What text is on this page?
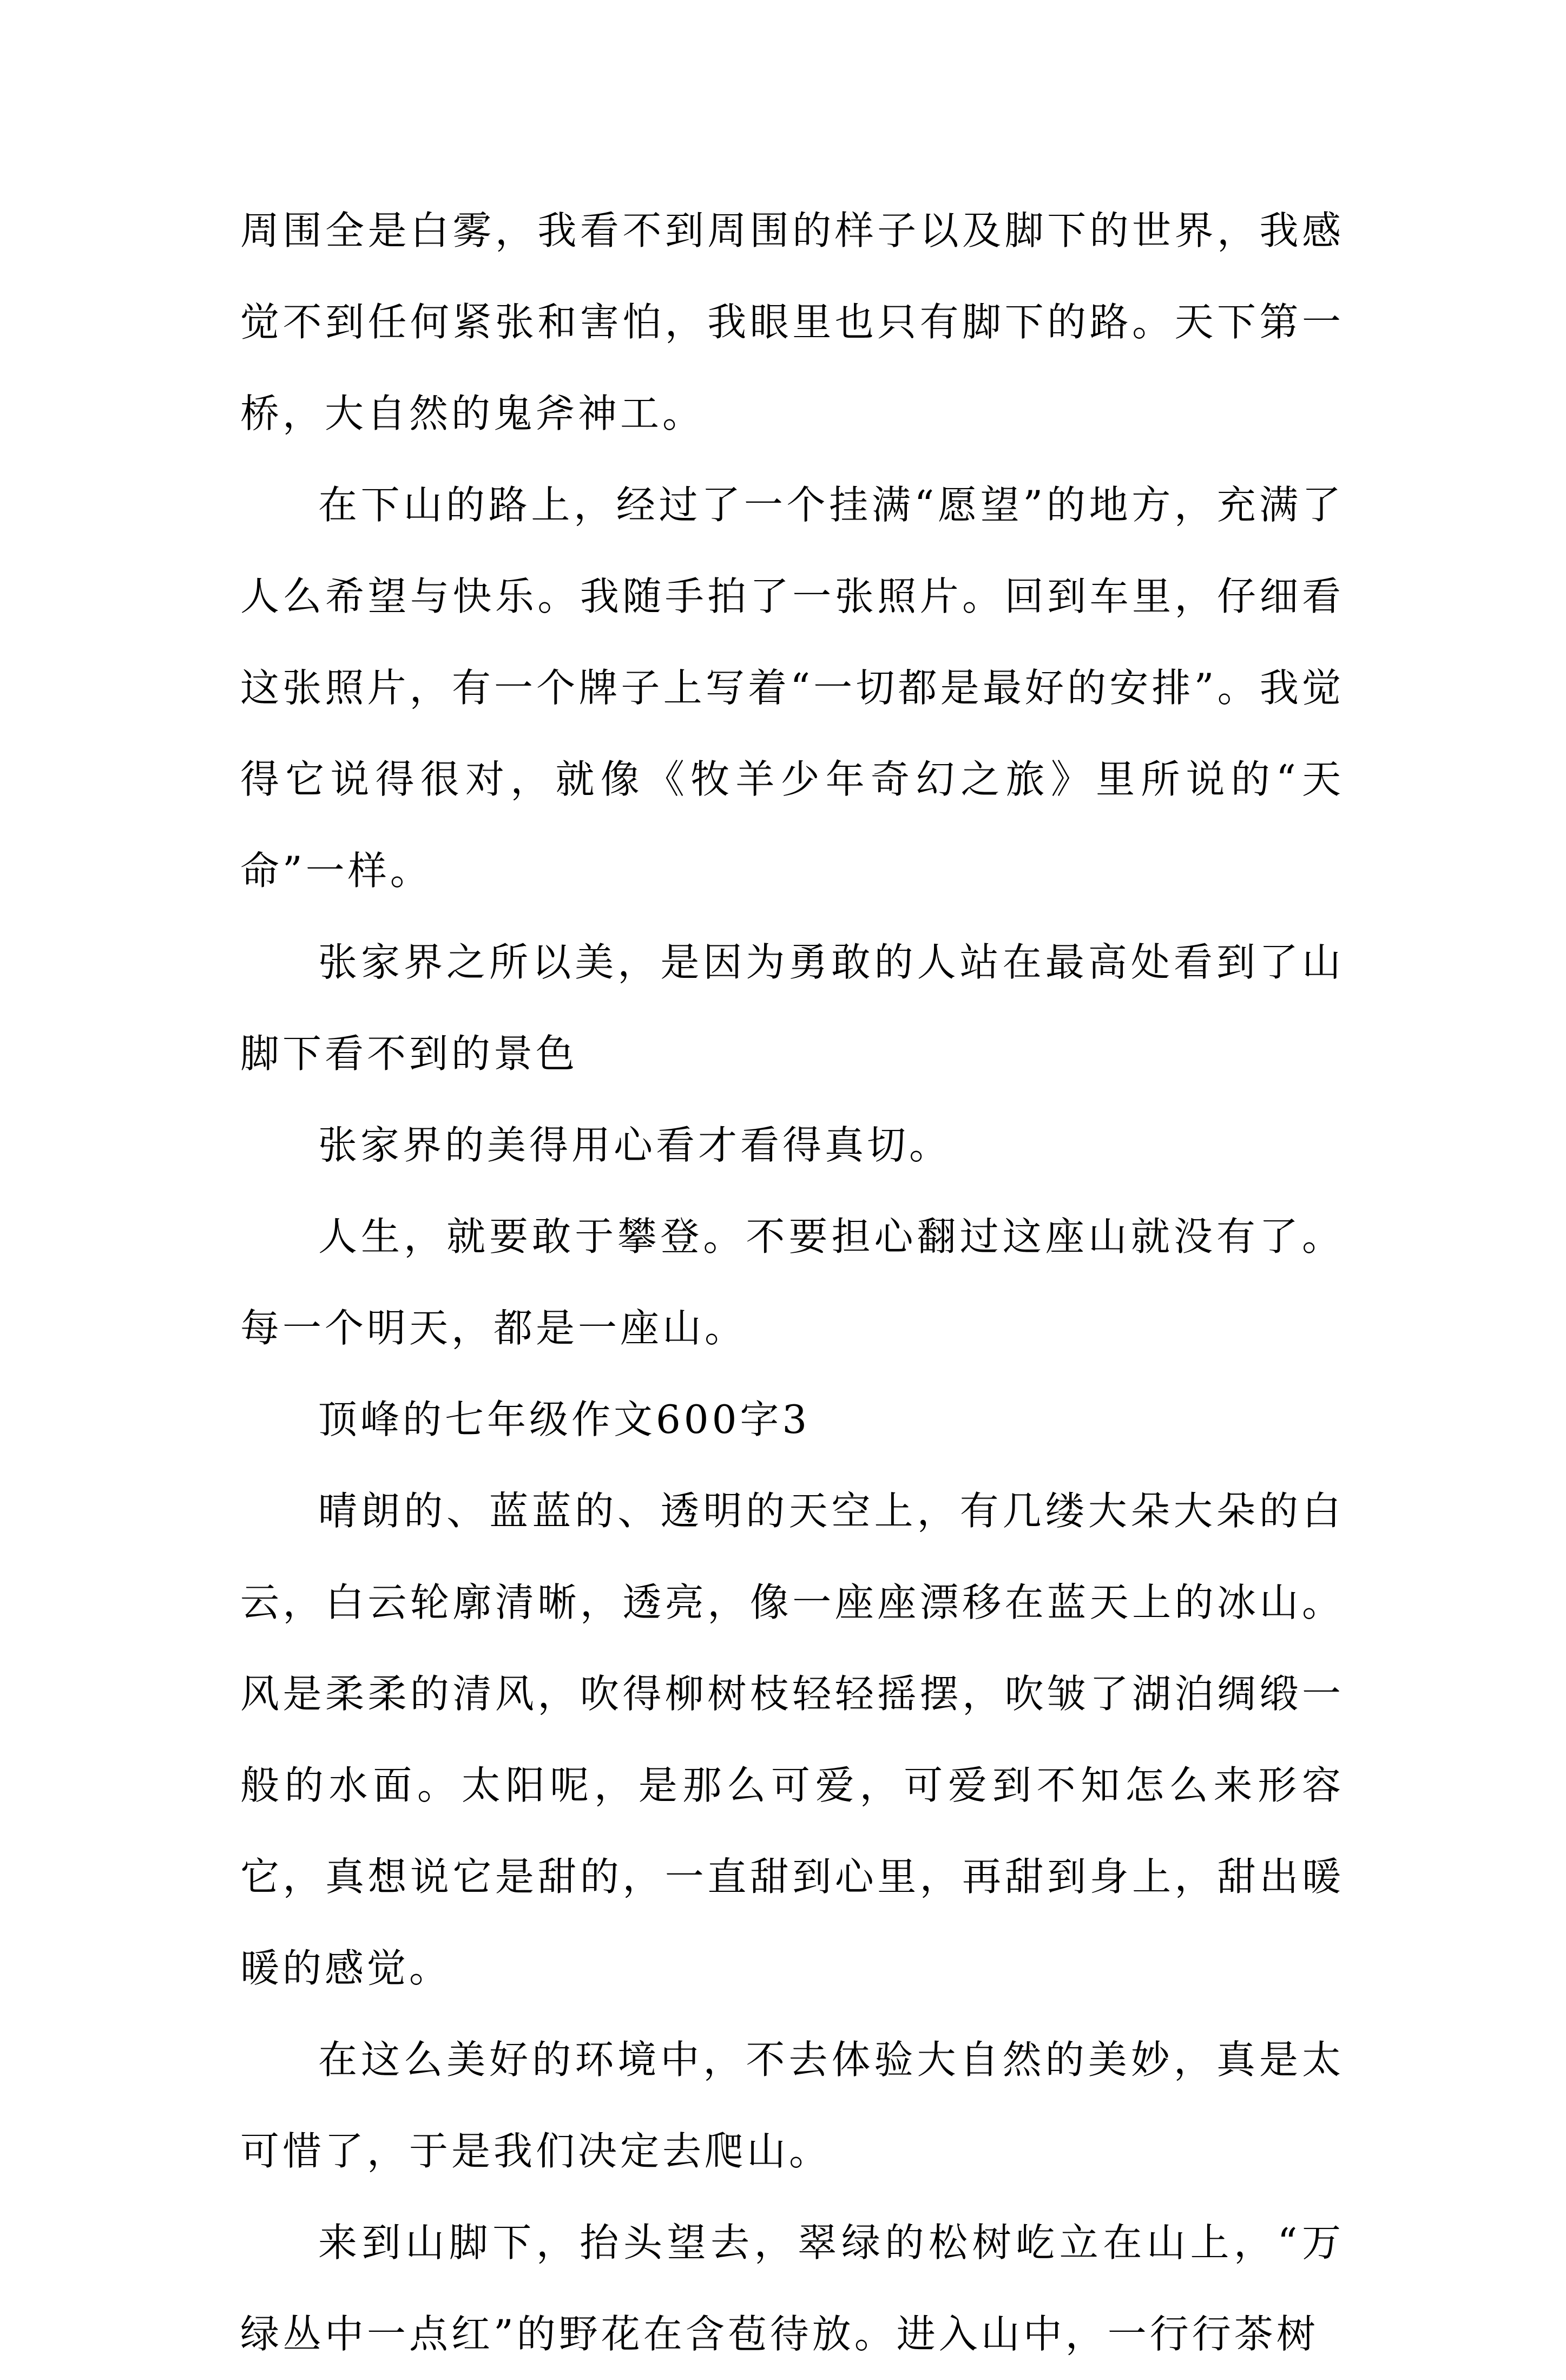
周围全是白雾，我看不到周围的样子以及脚下的世界，我感觉不到任何紧张和害怕，我眼里也只有脚下的路。天下第一桥，大自然的鬼斧神工。

在下山的路上，经过了一个挂满“愿望”的地方，充满了人么希望与快乐。我随手拍了一张照片。回到车里，仔细看这张照片，有一个牌子上写着“一切都是最好的安排”。我觉得它说得很对，就像《牧羊少年奇幻之旅》里所说的“天命”一样。

张家界之所以美，是因为勇敢的人站在最高处看到了山脚下看不到的景色

张家界的美得用心看才看得真切。

人生，就要敢于攀登。不要担心翻过这座山就没有了。每一个明天，都是一座山。

顶峰的七年级作文600字3

晴朗的、蓝蓝的、透明的天空上，有几缕大朵大朵的白云，白云轮廓清晰，透亮，像一座座漂移在蓝天上的冰山。风是柔柔的清风，吹得柳树枝轻轻摇摆，吹皱了湖泊绸缎一般的水面。太阳呢，是那么可爱，可爱到不知怎么来形容它，真想说它是甜的，一直甜到心里，再甜到身上，甜出暖暖的感觉。

在这么美好的环境中，不去体验大自然的美妙，真是太可惜了，于是我们决定去爬山。

来到山脚下，抬头望去，翠绿的松树屹立在山上，“万绿丛中一点红”的野花在含苞待放。进入山中，一行行茶树
